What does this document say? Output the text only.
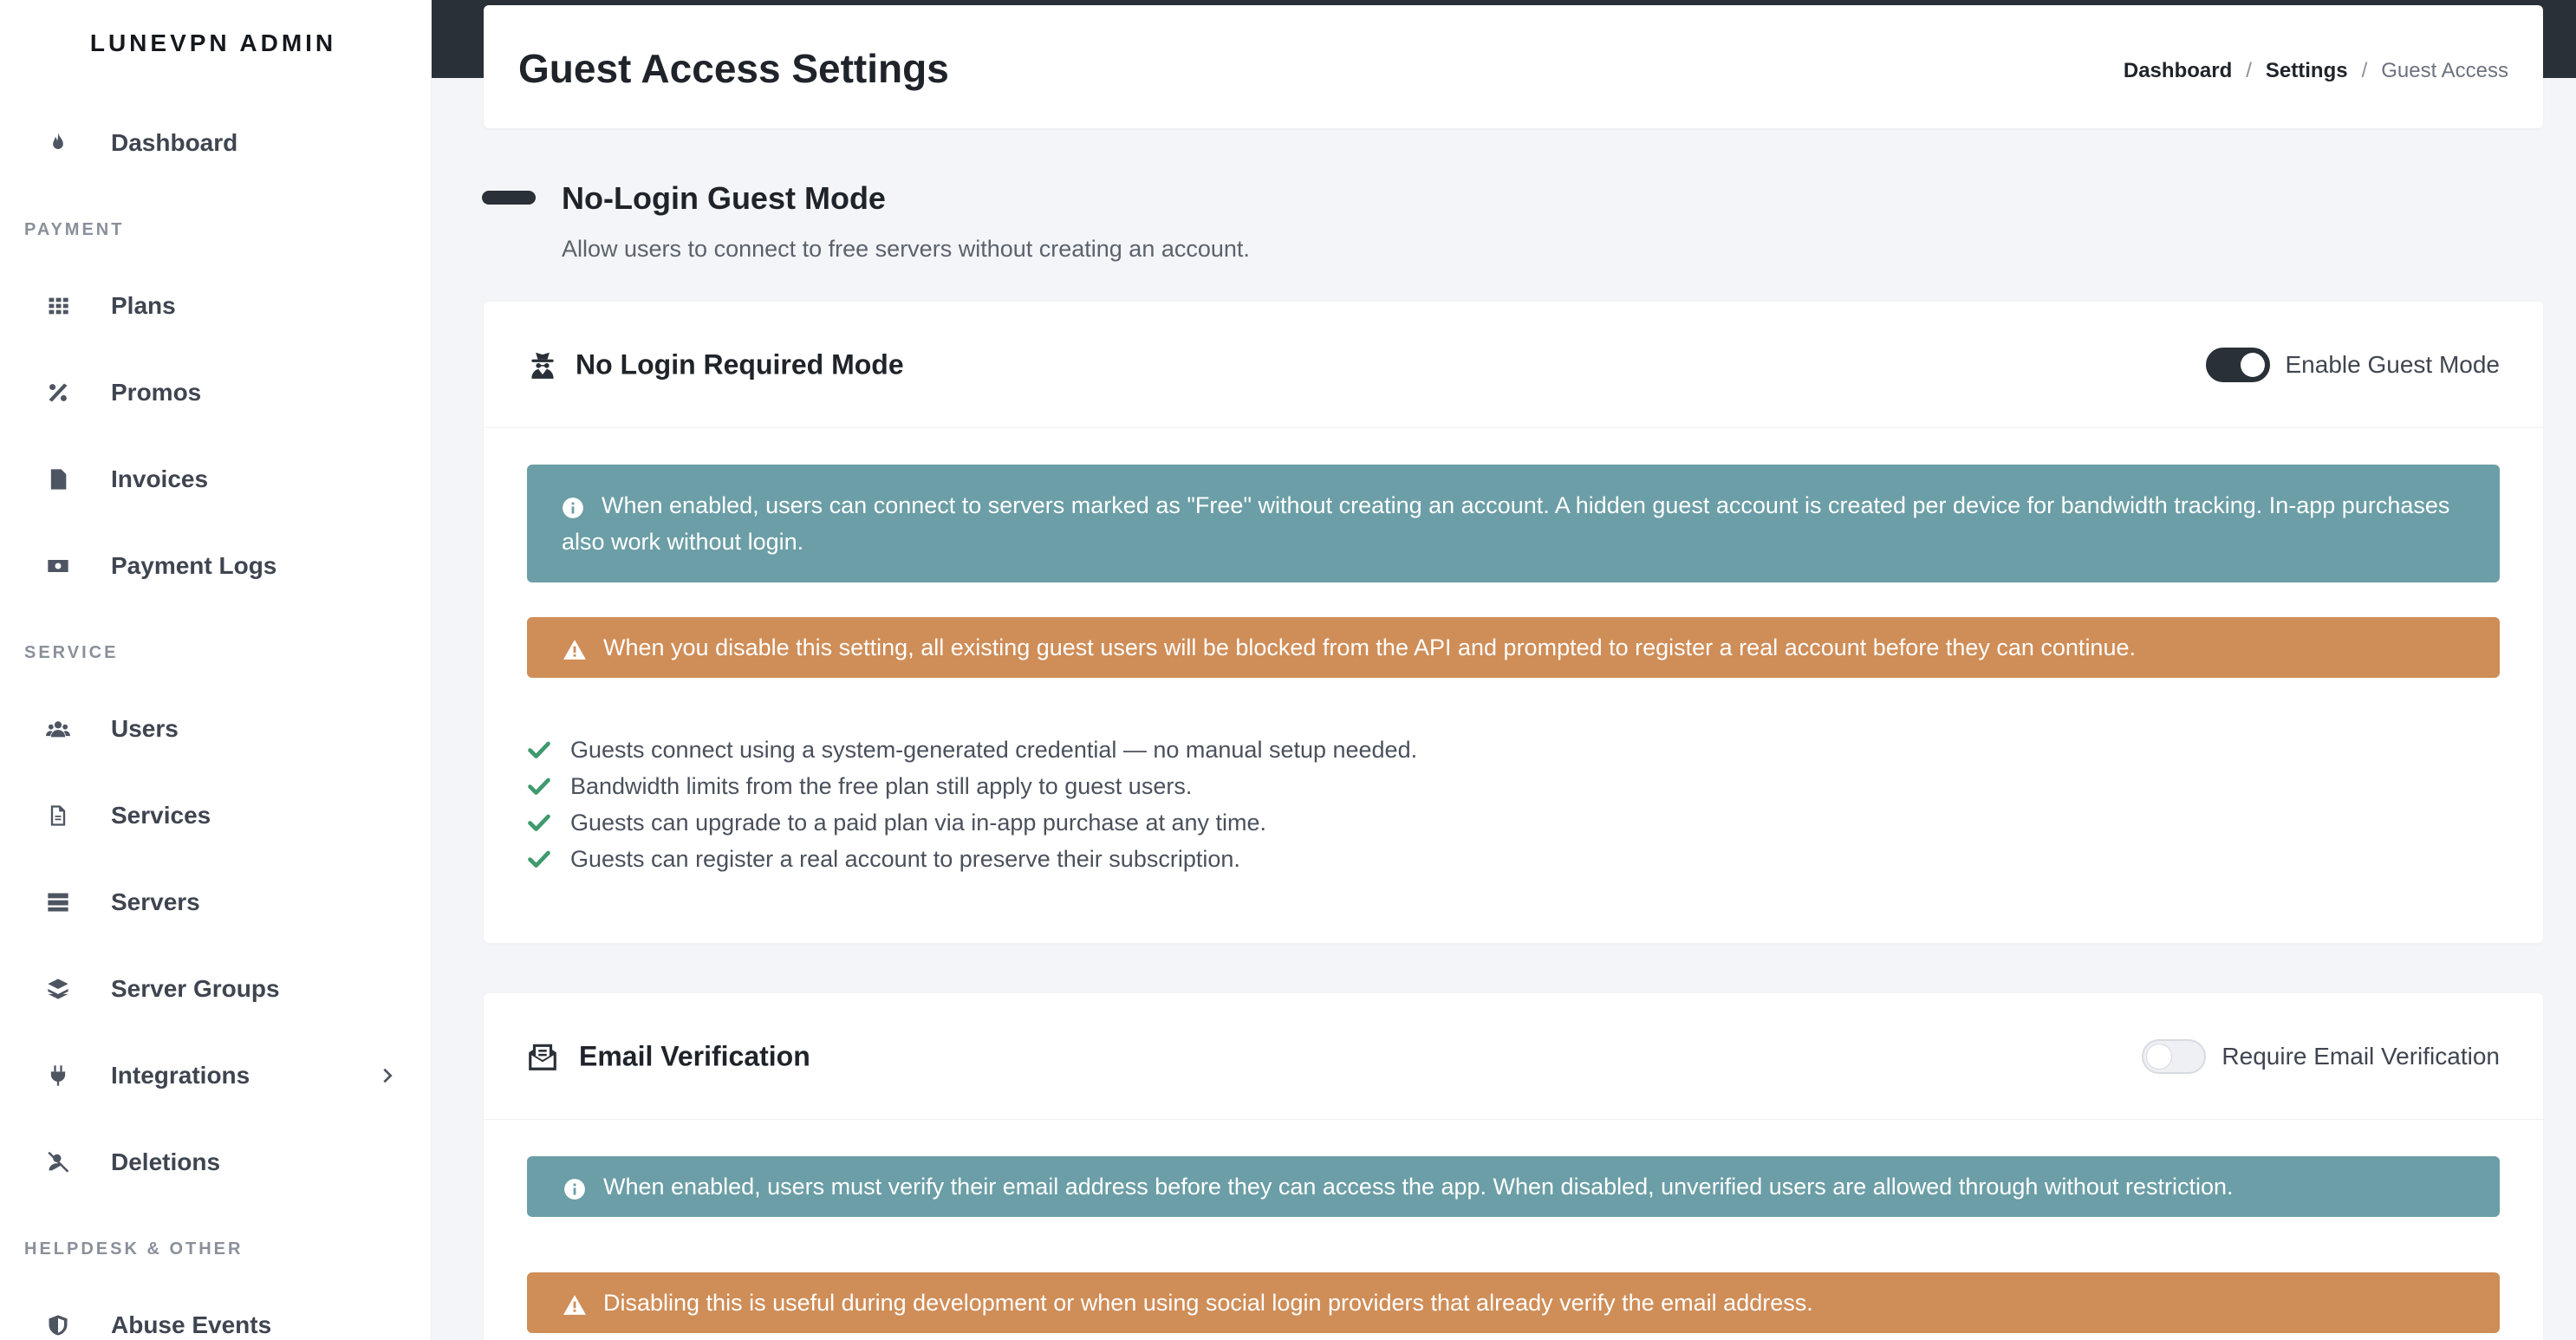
LUNEVPN ADMIN
Dashboard
PAYMENT
Plans
Promos
Invoices
Payment Logs
SERVICE
Users
Services
Servers
Server Groups
Integrations
Deletions
HELPDESK & OTHER
Abuse Events
Guest Access Settings	Dashboard / Settings / Guest Access
No-Login Guest Mode

Allow users to connect to free servers without creating an account.

No Login Required Mode	Enable Guest Mode
When enabled, users can connect to servers marked as "Free" without creating an account. A hidden guest account is created per device for bandwidth tracking. In-app purchases also work without login.
When you disable this setting, all existing guest users will be blocked from the API and prompted to register a real account before they can continue.
Guests connect using a system-generated credential — no manual setup needed.
Bandwidth limits from the free plan still apply to guest users.
Guests can upgrade to a paid plan via in-app purchase at any time.
Guests can register a real account to preserve their subscription.
Email Verification	Require Email Verification
When enabled, users must verify their email address before they can access the app. When disabled, unverified users are allowed through without restriction.
Disabling this is useful during development or when using social login providers that already verify the email address.
